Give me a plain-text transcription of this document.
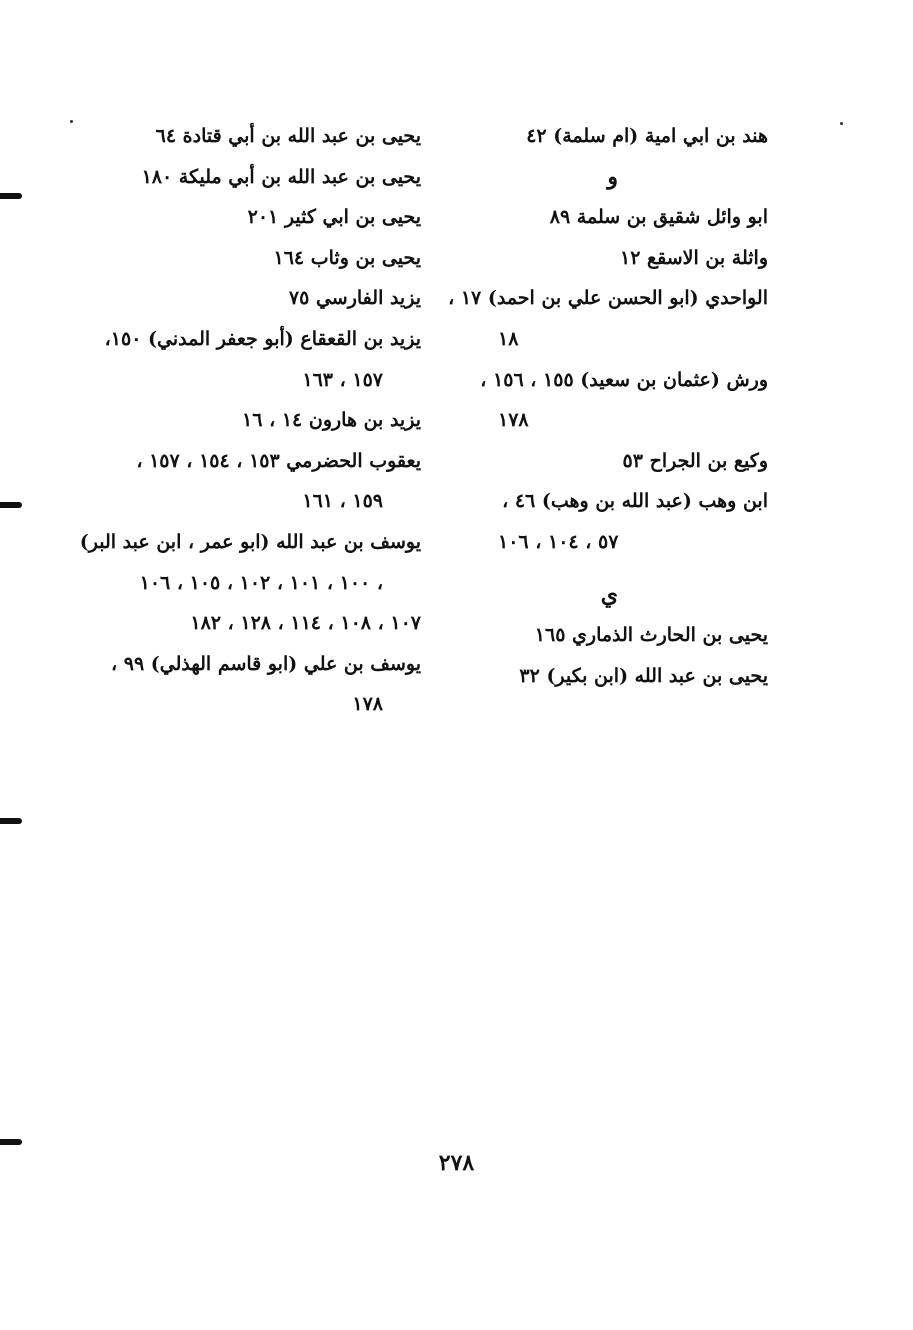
هند بن ابي امية (ام سلمة) ٤٢
و
ابو وائل شقيق بن سلمة ٨٩
واثلة بن الاسقع ١٢
الواحدي (ابو الحسن علي بن احمد) ١٧ ،
١٨
ورش (عثمان بن سعيد) ١٥٥ ، ١٥٦ ،
١٧٨
وكيع بن الجراح ٥٣
ابن وهب (عبد الله بن وهب) ٤٦ ،
٥٧ ، ١٠٤ ، ١٠٦
ي
يحيى بن الحارث الذماري ١٦٥
يحيى بن عبد الله (ابن بكير) ٣٢
يحيى بن عبد الله بن أبي قتادة ٦٤
يحيى بن عبد الله بن أبي مليكة ١٨٠
يحيى بن ابي كثير ٢٠١
يحيى بن وثاب ١٦٤
يزيد الفارسي ٧٥
يزيد بن القعقاع (أبو جعفر المدني) ١٥٠،
١٥٧ ، ١٦٣
يزيد بن هارون ١٤ ، ١٦
يعقوب الحضرمي ١٥٣ ، ١٥٤ ، ١٥٧ ،
١٥٩ ، ١٦١
يوسف بن عبد الله (ابو عمر ، ابن عبد البر)
١٠٠ ، ١٠١ ، ١٠٢ ، ١٠٥ ، ١٠٦ ،
١٠٧ ، ١٠٨ ، ١١٤ ، ١٢٨ ، ١٨٢
يوسف بن علي (ابو قاسم الهذلي) ٩٩ ،
١٧٨
٢٧٨
